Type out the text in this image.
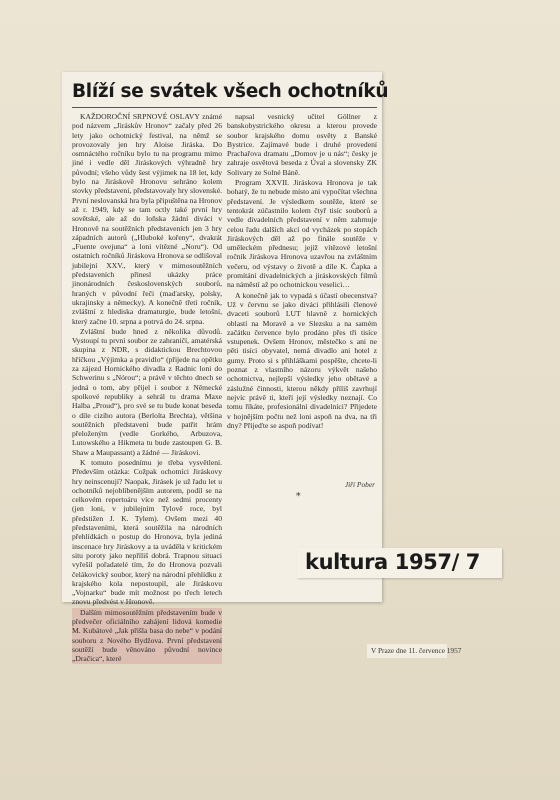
Blíží se svátek všech ochotníků

KAŽDOROČNÍ SRPNOVÉ OSLAVY známé pod názvem „Jiráskův Hronov“ začaly před 26 lety jako ochotnický festival, na němž se provozovaly jen hry Aloise Jiráska. Do osmnáctého ročníku bylo tu na programu mimo jiné i vedle děl Jiráskových výhradně hry původní; všeho vůdy šest výjimek na 18 let, kdy bylo na Jiráskově Hronovu sehráno kolem stovky představení, představovaly hry slovenské. První neslovanská hra byla připuštěna na Hronov až r. 1949, kdy se tam octly také první hry sovětské, ale až do loňska žádní diváci v Hronově na soutěžních představeních jen 3 hry západních autorů („Hluboké kořeny“, dvakrát „Fuente ovejuna“ a loni vítězné „Noru“). Od ostatních ročníků Jiráskova Hronova se odlišoval jubilejní XXV., který v mimosoutěžních představeních přinesl ukázky práce jinonárodních československých souborů, hraných v původní řeči (maďarsky, polsky, ukrajinsky a německy). A konečně třetí ročník, zvláštní z hlediska dramaturgie, bude letošní, který začne 10. srpna a potrvá do 24. srpna.

Zvláštní bude hned z několika důvodů. Vystoupí tu první soubor ze zahraničí, amatérská skupina z NDR, s didaktickou Brechtovou hříčkou „Výjimka a pravidlo“ (přijede na opětku za zájezd Hornického divadla z Radnic loni do Schwerinu s „Nórou“; a právě v těchto dnech se jedná o tom, aby přijel i soubor z Německé spolkové republiky a sehrál tu drama Maxe Halba „Proud“), pro své se tu bude konat beseda o díle cizího autora (Berlolta Brechta), většina soutěžních představení bude patřit hrám přeloženým (vedle Gorkého, Arbuzova, Lutowského a Hikmeta tu bude zastoupen G. B. Shaw a Maupassant) a žádné — Jiráskovi.

K tomuto posednímu je třeba vysvětlení. Především otázka: Cožpak ochotníci Jiráskovy hry neinscenují? Naopak, Jirásek je už řadu let u ochotníků nejoblíbenějším autorem, podíl se na celkovém repertoáru více než sedmi procenty (jen loni, v jubilejním Tylově roce, byl předstižen J. K. Tylem). Ovšem mezi 40 představeními, která soutěžila na národních přehlídkách o postup do Hronova, byla jediná inscenace hry Jiráskovy a ta uváděla v kritickém situ poroty jako nepříliš dobrá. Trapnou situaci vyřešil pořadatelé tím, že do Hronova pozvali čelákovický soubor, který na národní přehlídku z krajského kola nepostoupil, ale Jiráskovu „Vojnarku“ bude mít možnost po třech letech znovu předvést v Hronově.

Dalším mimosoutěžním představením bude v předvečer oficiálního zahájení lidová komedie M. Kubátové „Jak přišla basa do nebe“ v podání souboru z Nového Bydžova. První představení soutěží bude věnováno původní novince „Dračica“, které

napsal vesnický učitel Göllner z banskobystrického okresu a kterou provede soubor krajského domu osvěty z Banské Bystrice. Zajímavé bude i druhé provedení Prachařova dramatu „Domov je u nás“; česky je zahraje osvětová beseda z Úval a slovensky ZK Solivary ze Solné Báně.

Program XXVII. Jiráskova Hronova je tak bohatý, že tu nebude místo ani vypočítat všechna představení. Je výsledkem soutěže, které se tentokrát zúčastnilo kolem čtyř tisíc souborů a vedle divadelních představení v něm zahrnuje celou řadu dalších akcí od vycházek po stopách Jiráskových děl až po finále soutěže v uměleckém přednesu; jejíž vítězové letošní ročník Jiráskova Hronova uzavřou na zvláštním večeru, od výstavy o životě a díle K. Čapka a promítání divadelnických a jiráskovských filmů na náměstí až po ochotnickou veselici…

A konečně jak to vypadá s účastí obecenstva? Už v červnu se jako diváci přihlásili členové dvaceti souborů LUT hlavně z hornických oblastí na Moravě a ve Slezsku a na samém začátku července bylo prodáno přes tři tisíce vstupenek. Ovšem Hronov, městečko s ani ne pěti tisíci obyvatel, nemá divadlo ani hotel z gumy. Proto si s přihláškami pospěšte, chcete-li poznat z vlastního názoru výkvět našeho ochotnictva, nejlepší výsledky jeho obětavé a záslužné činnosti, kterou někdy příliš zavrhují nejvíc právě ti, kteří její výsledky neznají. Co tomu říkáte, profesionální divadelníci? Přijedete v hojnějším počtu než loni aspoň na dva, na tři dny? Přijeďte se aspoň podívat!

Jiří Pober
*
kultura 1957/ 7
V Praze dne 11. července 1957
